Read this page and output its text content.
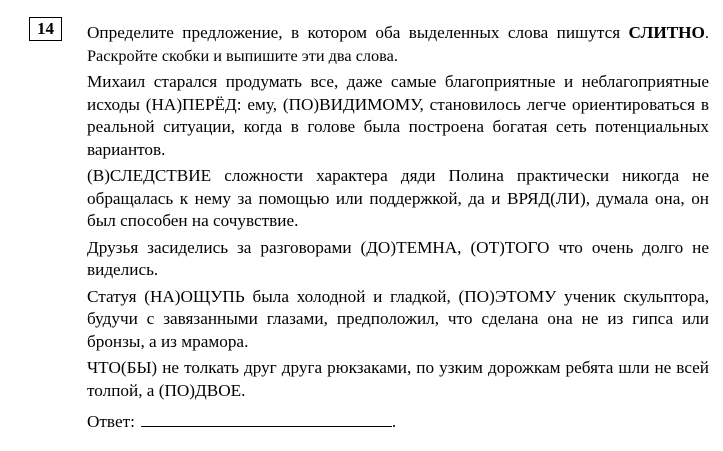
14	Определите предложение, в котором оба выделенных слова пишутся СЛИТНО. Раскройте скобки и выпишите эти два слова.

Михаил старался продумать все, даже самые благоприятные и неблагоприятные исходы (НА)ПЕРЁД: ему, (ПО)ВИДИМОМУ, становилось легче ориентироваться в реальной ситуации, когда в голове была построена богатая сеть потенциальных вариантов.

(В)СЛЕДСТВИЕ сложности характера дяди Полина практически никогда не обращалась к нему за помощью или поддержкой, да и ВРЯД(ЛИ), думала она, он был способен на сочувствие.

Друзья засиделись за разговорами (ДО)ТЕМНА, (ОТ)ТОГО что очень долго не виделись.

Статуя (НА)ОЩУПЬ была холодной и гладкой, (ПО)ЭТОМУ ученик скульптора, будучи с завязанными глазами, предположил, что сделана она не из гипса или бронзы, а из мрамора.

ЧТО(БЫ) не толкать друг друга рюкзаками, по узким дорожкам ребята шли не всей толпой, а (ПО)ДВОЕ.

Ответ:	.
